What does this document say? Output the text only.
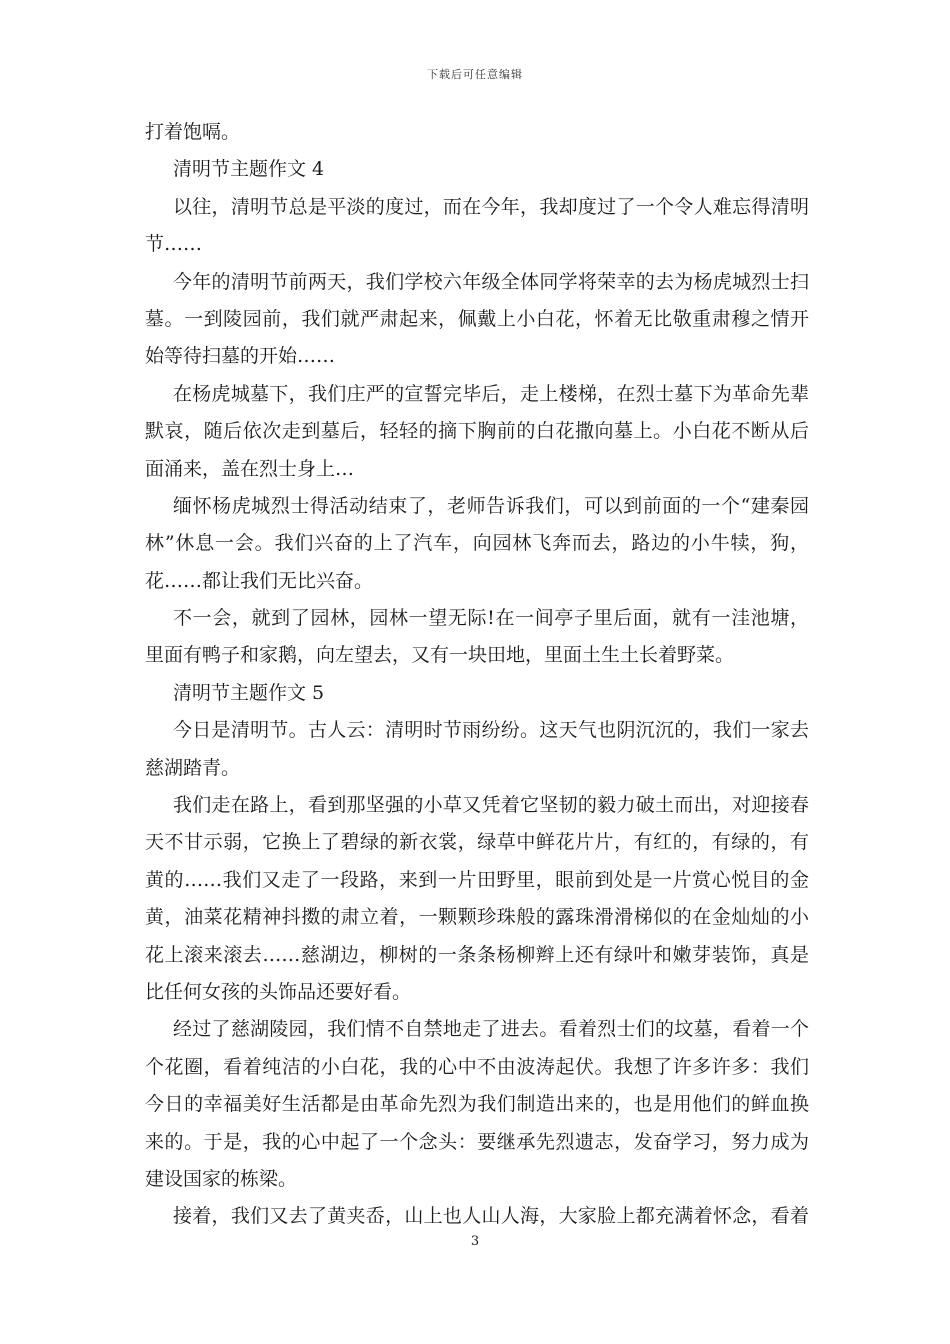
下载后可任意编辑
打着饱嗝。
清明节主题作文 4
以往，清明节总是平淡的度过，而在今年，我却度过了一个令人难忘得清明
节……
今年的清明节前两天，我们学校六年级全体同学将荣幸的去为杨虎城烈士扫
墓。一到陵园前，我们就严肃起来，佩戴上小白花，怀着无比敬重肃穆之情开
始等待扫墓的开始……
在杨虎城墓下，我们庄严的宣誓完毕后，走上楼梯，在烈士墓下为革命先辈
默哀，随后依次走到墓后，轻轻的摘下胸前的白花撒向墓上。小白花不断从后
面涌来，盖在烈士身上…
缅怀杨虎城烈士得活动结束了，老师告诉我们，可以到前面的一个“建秦园
林”休息一会。我们兴奋的上了汽车，向园林飞奔而去，路边的小牛犊，狗，
花……都让我们无比兴奋。
不一会，就到了园林，园林一望无际!在一间亭子里后面，就有一洼池塘，
里面有鸭子和家鹅，向左望去，又有一块田地，里面土生土长着野菜。
清明节主题作文 5
今日是清明节。古人云：清明时节雨纷纷。这天气也阴沉沉的，我们一家去
慈湖踏青。
我们走在路上，看到那坚强的小草又凭着它坚韧的毅力破土而出，对迎接春
天不甘示弱，它换上了碧绿的新衣裳，绿草中鲜花片片，有红的，有绿的，有
黄的……我们又走了一段路，来到一片田野里，眼前到处是一片赏心悦目的金
黄，油菜花精神抖擞的肃立着，一颗颗珍珠般的露珠滑滑梯似的在金灿灿的小
花上滚来滚去……慈湖边，柳树的一条条杨柳辫上还有绿叶和嫩芽装饰，真是
比任何女孩的头饰品还要好看。
经过了慈湖陵园，我们情不自禁地走了进去。看着烈士们的坟墓，看着一个
个花圈，看着纯洁的小白花，我的心中不由波涛起伏。我想了许多许多：我们
今日的幸福美好生活都是由革命先烈为我们制造出来的，也是用他们的鲜血换
来的。于是，我的心中起了一个念头：要继承先烈遗志，发奋学习，努力成为
建设国家的栋梁。
接着，我们又去了黄夹岙，山上也人山人海，大家脸上都充满着怀念，看着
3
